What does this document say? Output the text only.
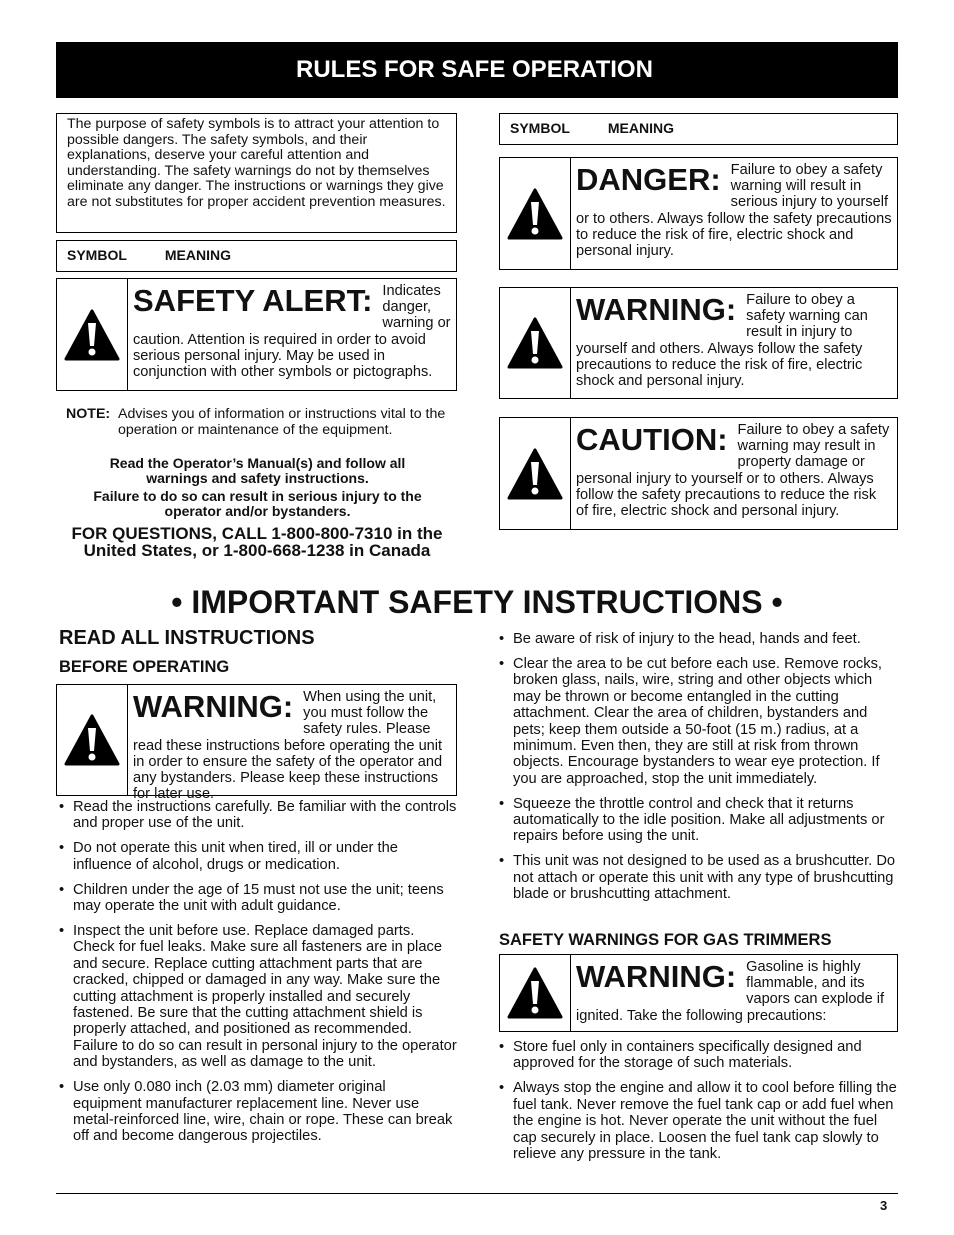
RULES FOR SAFE OPERATION
The purpose of safety symbols is to attract your attention to possible dangers. The safety symbols, and their explanations, deserve your careful attention and understanding. The safety warnings do not by themselves eliminate any danger. The instructions or warnings they give are not substitutes for proper accident prevention measures.
SYMBOL	MEANING
SAFETY ALERT: Indicates danger, warning or caution. Attention is required in order to avoid serious personal injury. May be used in conjunction with other symbols or pictographs.
NOTE: Advises you of information or instructions vital to the operation or maintenance of the equipment.
Read the Operator’s Manual(s) and follow all warnings and safety instructions.
Failure to do so can result in serious injury to the operator and/or bystanders.
FOR QUESTIONS, CALL 1-800-800-7310 in the United States, or 1-800-668-1238 in Canada
SYMBOL	MEANING
DANGER: Failure to obey a safety warning will result in serious injury to yourself or to others. Always follow the safety precautions to reduce the risk of fire, electric shock and personal injury.
WARNING: Failure to obey a safety warning can result in injury to yourself and others. Always follow the safety precautions to reduce the risk of fire, electric shock and personal injury.
CAUTION: Failure to obey a safety warning may result in property damage or personal injury to yourself or to others. Always follow the safety precautions to reduce the risk of fire, electric shock and personal injury.
• IMPORTANT SAFETY INSTRUCTIONS •
READ ALL INSTRUCTIONS
BEFORE OPERATING
WARNING: When using the unit, you must follow the safety rules. Please read these instructions before operating the unit in order to ensure the safety of the operator and any bystanders. Please keep these instructions for later use.
• Read the instructions carefully. Be familiar with the controls and proper use of the unit.
• Do not operate this unit when tired, ill or under the influence of alcohol, drugs or medication.
• Children under the age of 15 must not use the unit; teens may operate the unit with adult guidance.
• Inspect the unit before use. Replace damaged parts. Check for fuel leaks. Make sure all fasteners are in place and secure. Replace cutting attachment parts that are cracked, chipped or damaged in any way. Make sure the cutting attachment is properly installed and securely fastened. Be sure that the cutting attachment shield is properly attached, and positioned as recommended. Failure to do so can result in personal injury to the operator and bystanders, as well as damage to the unit.
• Use only 0.080 inch (2.03 mm) diameter original equipment manufacturer replacement line. Never use metal-reinforced line, wire, chain or rope. These can break off and become dangerous projectiles.
• Be aware of risk of injury to the head, hands and feet.
• Clear the area to be cut before each use. Remove rocks, broken glass, nails, wire, string and other objects which may be thrown or become entangled in the cutting attachment. Clear the area of children, bystanders and pets; keep them outside a 50-foot (15 m.) radius, at a minimum. Even then, they are still at risk from thrown objects. Encourage bystanders to wear eye protection. If you are approached, stop the unit immediately.
• Squeeze the throttle control and check that it returns automatically to the idle position. Make all adjustments or repairs before using the unit.
• This unit was not designed to be used as a brushcutter. Do not attach or operate this unit with any type of brushcutting blade or brushcutting attachment.
SAFETY WARNINGS FOR GAS TRIMMERS
WARNING: Gasoline is highly flammable, and its vapors can explode if ignited. Take the following precautions:
• Store fuel only in containers specifically designed and approved for the storage of such materials.
• Always stop the engine and allow it to cool before filling the fuel tank. Never remove the fuel tank cap or add fuel when the engine is hot. Never operate the unit without the fuel cap securely in place. Loosen the fuel tank cap slowly to relieve any pressure in the tank.
3
